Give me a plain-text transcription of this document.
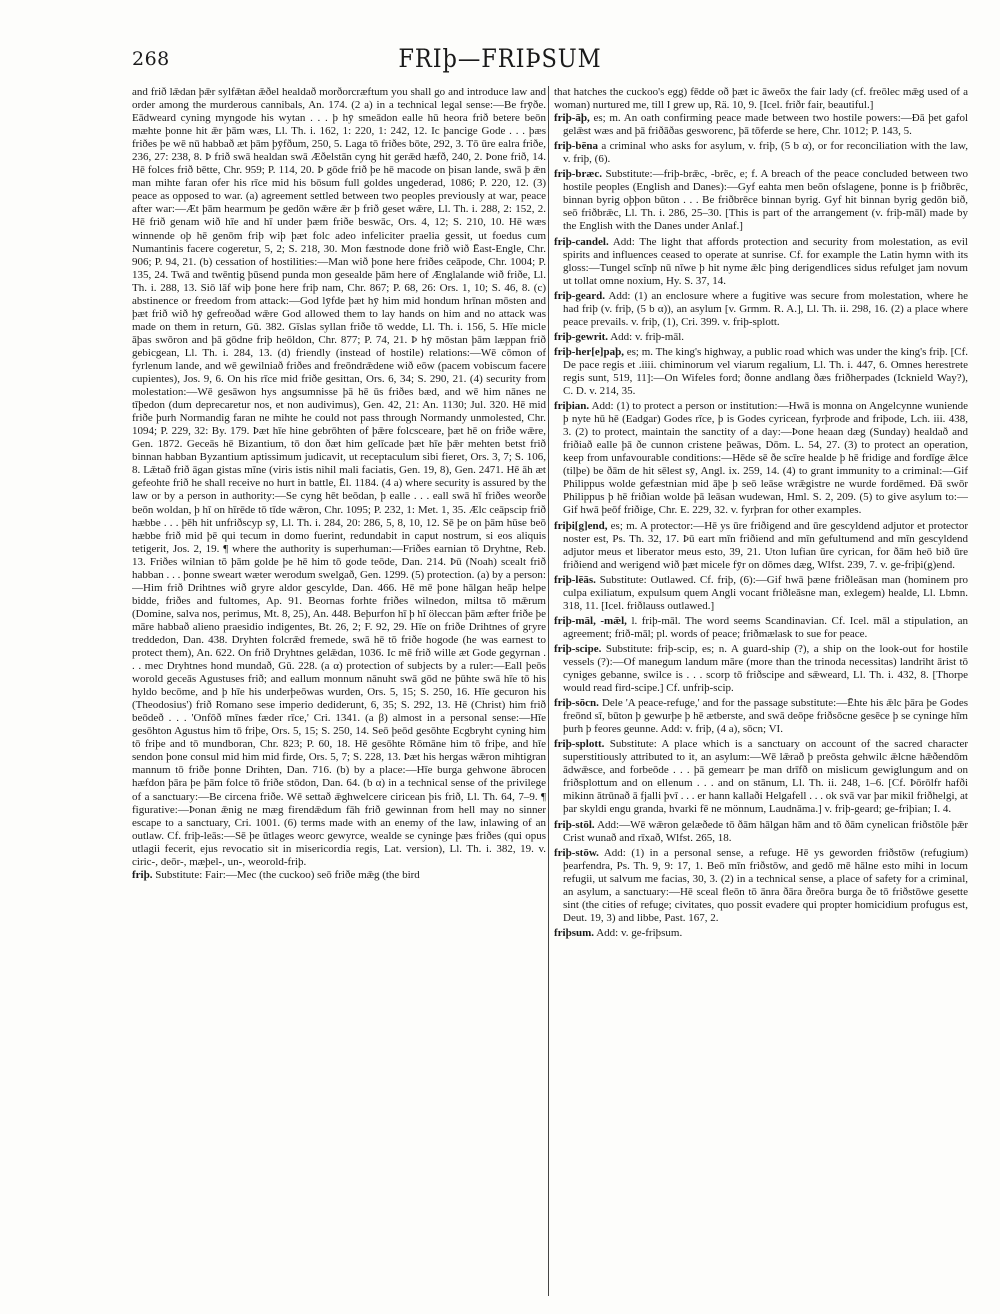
268	FRIþ—FRIÞSUM

and frið lǣdan þǣr sylfǣtan ǣðel healdað morðorcræftum you shall go and introduce law and order among the murderous cannibals, An. 174. (2 a) in a technical legal sense:—Be frȳðe. Eādweard cyning myngode his wytan . . . þ hȳ smeādon ealle hū heora frið betere beōn mæhte þonne hit ǣr þām wæs, Ll. Th. i. 162, 1: 220, 1: 242, 12. Ic þancige Gode . . . þæs friðes þe wē nū habbað æt þām þȳfðum, 250, 5. Laga tō friðes bōte, 292, 3. Tō ūre ealra friðe, 236, 27: 238, 8. Þ frið swā healdan swā Æðelstān cyng hit gerǣd hæfð, 240, 2. Þone frið, 14. Hē folces frið bētte, Chr. 959; P. 114, 20. Þ gōde frið þe hē macode on þisan lande, swā þ ǣn man mihte faran ofer his rīce mid his bōsum full goldes ungederad, 1086; P. 220, 12. (3) peace as opposed to war. (a) agreement settled between two peoples previously at war, peace after war:—Æt þām hearmum þe gedōn wǣre ǣr þ frið geset wǣre, Ll. Th. i. 288, 2: 152, 2. Hē frið genam wið hīe and hī under þæm friðe beswāc, Ors. 4, 12; S. 210, 10. Hē wæs winnende oþ hē genōm friþ wiþ þæt folc adeo infeliciter praelia gessit, ut foedus cum Numantinis facere cogeretur, 5, 2; S. 218, 30. Mon fæstnode done frið wið Ēast-Engle, Chr. 906; P. 94, 21. (b) cessation of hostilities:—Man wið þone here friðes ceāpode, Chr. 1004; P. 135, 24. Twā and twēntig þūsend punda mon gesealde þām here of Ænglalande wið friðe, Ll. Th. i. 288, 13. Siō lāf wiþ þone here friþ nam, Chr. 867; P. 68, 26: Ors. 1, 10; S. 46, 8. (c) abstinence or freedom from attack:—God lȳfde þæt hȳ him mid hondum hrīnan mōsten and þæt frið wið hȳ gefreoðad wǣre God allowed them to lay hands on him and no attack was made on them in return, Gū. 382. Gīslas syllan friðe tō wedde, Ll. Th. i. 156, 5. Hīe micle āþas swōron and þā gōdne friþ heōldon, Chr. 877; P. 74, 21. Þ hȳ mōstan þām læppan frið gebicgean, Ll. Th. i. 284, 13. (d) friendly (instead of hostile) relations:—Wē cōmon of fyrlenum lande, and wē gewilniað friðes and freōndrǣdene wið eōw (pacem vobiscum facere cupientes), Jos. 9, 6. On his rīce mid friðe gesittan, Ors. 6, 34; S. 290, 21. (4) security from molestation:—Wē gesāwon hys angsumnisse þā hē ūs friðes bæd, and wē him nānes ne tīþedon (dum deprecaretur nos, et non audivimus), Gen. 42, 21: An. 1130; Jul. 320. Hē mid friðe þurh Normandig faran ne mihte he could not pass through Normandy unmolested, Chr. 1094; P. 229, 32: By. 179. Þæt hīe hine gebrōhten of þǣre folcsceare, þæt hē on friðe wǣre, Gen. 1872. Geceās hē Bizantium, tō don ðæt him gelīcade þæt hīe þǣr mehten betst frið binnan habban Byzantium aptissimum judicavit, ut receptaculum sibi fieret, Ors. 3, 7; S. 106, 8. Lǣtað frið āgan gistas mīne (viris istis nihil mali faciatis, Gen. 19, 8), Gen. 2471. Hē āh æt gefeohte frið he shall receive no hurt in battle, Ēl. 1184. (4 a) where security is assured by the law or by a person in authority:—Se cyng hēt beōdan, þ ealle . . . eall swā hī friðes weorðe beōn woldan, þ hī on hīrēde tō tīde wǣron, Chr. 1095; P. 232, 1: Met. 1, 35. Ælc ceāpscip frið hæbbe . . . þēh hit unfriðscyp sȳ, Ll. Th. i. 284, 20: 286, 5, 8, 10, 12. Sē þe on þām hūse beō hæbbe frið mid þē qui tecum in domo fuerint, redundabit in caput nostrum, si eos aliquis tetigerit, Jos. 2, 19. ¶ where the authority is superhuman:—Friðes earnian tō Dryhtne, Reb. 13. Friðes wilnian tō þām golde þe hē him tō gode teōde, Dan. 214. Þū (Noah) scealt frið habban . . . þonne sweart wæter werodum swelgað, Gen. 1299. (5) protection. (a) by a person:—Him frið Drihtnes wið gryre aldor gescylde, Dan. 466. Hē mē þone hālgan heāp helpe bidde, friðes and fultomes, Ap. 91. Beornas forhte friðes wilnedon, miltsa tō mǣrum (Domine, salva nos, perimus, Mt. 8, 25), An. 448. Beþurfon hī þ hī öleccan þām æfter friðe þe māre habbað alieno praesidio indigentes, Bt. 26, 2; F. 92, 29. Hīe on friðe Drihtnes of gryre treddedon, Dan. 438. Dryhten folcrǣd fremede, swā hē tō friðe hogode (he was earnest to protect them), An. 622. On frið Dryhtnes gelǣdan, 1036. Ic mē frið wille æt Gode gegyrnan . . . mec Dryhtnes hond mundað, Gū. 228. (a α) protection of subjects by a ruler:—Eall þeōs worold geceās Agustuses frið; and eallum monnum nānuht swā gōd ne þūhte swā hīe tō his hyldo becōme, and þ hīe his underþeōwas wurden, Ors. 5, 15; S. 250, 16. Hīe gecuron his (Theodosius') frið Romano sese imperio dediderunt, 6, 35; S. 292, 13. Hē (Christ) him frið beōdeð . . . 'Onfōð mīnes fæder rīce,' Cri. 1341. (a β) almost in a personal sense:—Hīe gesōhton Agustus him tō friþe, Ors. 5, 15; S. 250, 14. Seō þeōd gesōhte Ecgbryht cyning him tō friþe and tō mundboran, Chr. 823; P. 60, 18. Hē gesōhte Rōmāne him tō friþe, and hīe sendon þone consul mid him mid firde, Ors. 5, 7; S. 228, 13. Þæt his hergas wǣron mihtigran mannum tō friðe þonne Drihten, Dan. 716. (b) by a place:—Hīe burga gehwone ābrocen hæfdon þāra þe þām folce tō friðe stōdon, Dan. 64. (b α) in a technical sense of the privilege of a sanctuary:—Be circena friðe. Wē settað ǣghwelcere ciricean þis frið, Ll. Th. 64, 7–9. ¶ figurative:—Þonan ǣnig ne mæg firendǣdum fāh frið gewinnan from hell may no sinner escape to a sanctuary, Cri. 1001. (6) terms made with an enemy of the law, inlawing of an outlaw. Cf. friþ-leās:—Sē þe ūtlages weorc gewyrce, wealde se cyninge þæs friðes (qui opus utlagii fecerit, ejus revocatio sit in misericordia regis, Lat. version), Ll. Th. i. 382, 19. v. ciric-, deōr-, mæþel-, un-, weorold-friþ.

friþ. Substitute: Fair:—Mec (the cuckoo) seō friðe mǣg (the bird

that hatches the cuckoo's egg) fēdde oð þæt ic āweōx the fair lady (cf. freōlec mǣg used of a woman) nurtured me, till I grew up, Rä. 10, 9. [Icel. friðr fair, beautiful.]

friþ-āþ, es; m. An oath confirming peace made between two hostile powers:—Ðā þet gafol gelǣst wæs and þā friðāðas gesworenc, þā tōferde se here, Chr. 1012; P. 143, 5.

friþ-bēna a criminal who asks for asylum, v. friþ, (5 b α), or for reconciliation with the law, v. friþ, (6).

friþ-bræc. Substitute:—friþ-brǣc, -brēc, e; f. A breach of the peace concluded between two hostile peoples (English and Danes):—Gyf eahta men beōn ofslagene, þonne is þ friðbrēc, binnan byrig oþþon būton . . . Be friðbrēce binnan byrig. Gyf hit binnan byrig gedōn bið, seō friðbrǣc, Ll. Th. i. 286, 25–30. [This is part of the arrangement (v. friþ-māl) made by the English with the Danes under Anlaf.]

friþ-candel. Add: The light that affords protection and security from molestation, as evil spirits and influences ceased to operate at sunrise. Cf. for example the Latin hymn with its gloss:—Tungel scīnþ nū nīwe þ hit nyme ǣlc þing derigendlices sidus refulget jam novum ut tollat omne noxium, Hy. S. 37, 14.

friþ-geard. Add: (1) an enclosure where a fugitive was secure from molestation, where he had friþ (v. friþ, (5 b α)), an asylum [v. Grmm. R. A.], Ll. Th. ii. 298, 16. (2) a place where peace prevails. v. friþ, (1), Cri. 399. v. friþ-splott.

friþ-gewrit. Add: v. friþ-māl.

friþ-her[e]paþ, es; m. The king's highway, a public road which was under the king's friþ. [Cf. De pace regis et .iiii. chiminorum vel viarum regalium, Ll. Th. i. 447, 6. Omnes herestrete regis sunt, 519, 11]:—On Wifeles ford; ðonne andlang ðæs friðherpades (Icknield Way?), C. D. v. 214, 35.

friþian. Add: (1) to protect a person or institution:—Hwā is monna on Angelcynne wuniende þ nyte hū hē (Eadgar) Godes rīce, þ is Godes cyricean, fyrþrode and friþode, Lch. iii. 438, 3. (2) to protect, maintain the sanctity of a day:—Þone heaan dæg (Sunday) healdað and friðiað ealle þā ðe cunnon cristene þeāwas, Dōm. L. 54, 27. (3) to protect an operation, keep from unfavourable conditions:—Hēde sē ðe scīre healde þ hē fridige and fordīge ǣlce (tilþe) be ðām de hit sēlest sȳ, Angl. ix. 259, 14. (4) to grant immunity to a criminal:—Gif Philippus wolde gefæstnian mid āþe þ seō leāse wrǣgistre ne wurde fordēmed. Ðā swōr Philippus þ hē friðian wolde þā leāsan wudewan, Hml. S. 2, 209. (5) to give asylum to:—Gif hwā þeōf friðige, Chr. E. 229, 32. v. fyrþran for other examples.

friþi[g]end, es; m. A protector:—Hē ys ūre friðigend and ūre gescyldend adjutor et protector noster est, Ps. Th. 32, 17. Þū eart mīn friðiend and mīn gefultumend and mīn gescyldend adjutor meus et liberator meus esto, 39, 21. Uton lufian ūre cyrican, for ðām heō bið ūre friðiend and werigend wið þæt micele fȳr on dōmes dæg, Wlfst. 239, 7. v. ge-friþi(g)end.

friþ-lēās. Substitute: Outlawed. Cf. friþ, (6):—Gif hwā þæne friðleāsan man (hominem pro culpa exiliatum, expulsum quem Angli vocant friðleāsne man, exlegem) healde, Ll. Lbmn. 318, 11. [Icel. friðlauss outlawed.]

friþ-māl, -mǣl, l. friþ-māl. The word seems Scandinavian. Cf. Icel. māl a stipulation, an agreement; frið-māl; pl. words of peace; friðmælask to sue for peace.

friþ-scipe. Substitute: friþ-scip, es; n. A guard-ship (?), a ship on the look-out for hostile vessels (?):—Of manegum landum māre (more than the trinoda necessitas) landriht ārist tō cyniges gebanne, swilce is . . . scorp tō friðscipe and sǣweard, Ll. Th. i. 432, 8. [Thorpe would read fird-scipe.] Cf. unfriþ-scip.

friþ-sōcn. Dele 'A peace-refuge,' and for the passage substitute:—Ēhte his ǣlc þāra þe Godes freōnd sī, būton þ gewurþe þ hē ætberste, and swā deōpe friðsōcne gesēce þ se cyninge hīm þurh þ feores geunne. Add: v. friþ, (4 a), sōcn; VI.

friþ-splott. Substitute: A place which is a sanctuary on account of the sacred character superstitiously attributed to it, an asylum:—Wē lǣrað þ preōsta gehwilc ǣlcne hǣðendōm ādwǣsce, and forbeōde . . . þā gemearr þe man drīfð on mislicum gewiglungum and on friðsplottum and on ellenum . . . and on stānum, Ll. Th. ii. 248, 1–6. [Cf. Þōrōlfr hafði mikinn ātrūnað ā fjalli þvī . . . er hann kallaði Helgafell . . . ok svā var þar mikil friðhelgi, at þar skyldi engu granda, hvarki fē ne mönnum, Laudnāma.] v. friþ-geard; ge-friþian; I. 4.

friþ-stōl. Add:—Wē wǣron gelæðede tō ðām hālgan hām and tō ðām cynelican friðstōle þǣr Crist wunað and rīxað, Wlfst. 265, 18.

friþ-stōw. Add: (1) in a personal sense, a refuge. Hē ys geworden friðstōw (refugium) þearfendra, Ps. Th. 9, 9: 17, 1. Beō mīn friðstōw, and gedō mē hālne esto mihi in locum refugii, ut salvum me facias, 30, 3. (2) in a technical sense, a place of safety for a criminal, an asylum, a sanctuary:—Hē sceal fleōn tō ānra ðāra ðreōra burga ðe tō friðstōwe gesette sint (the cities of refuge; civitates, quo possit evadere qui propter homicidium profugus est, Deut. 19, 3) and libbe, Past. 167, 2.

friþsum. Add: v. ge-friþsum.
